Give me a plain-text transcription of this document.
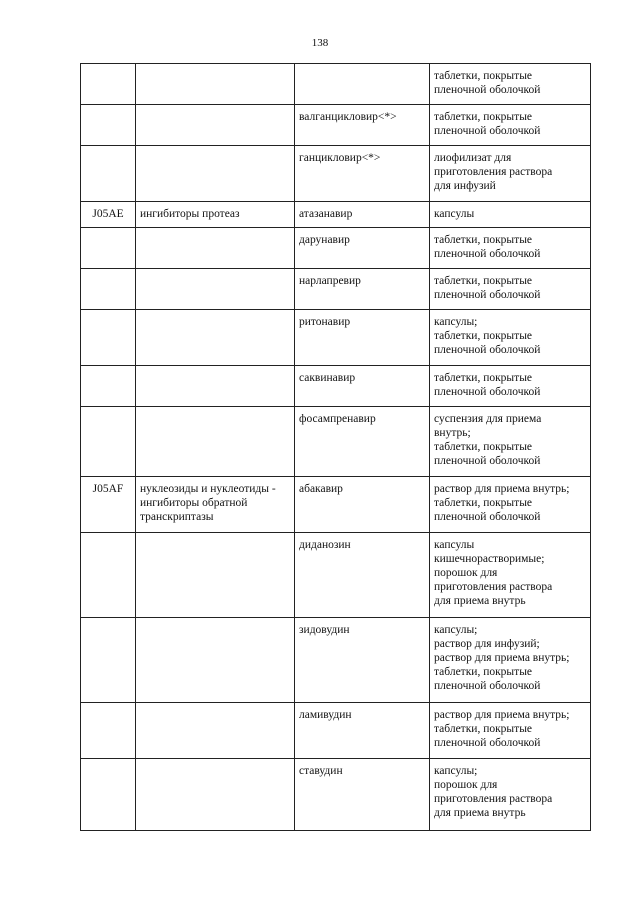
138
			таблетки, покрытые
пленочной оболочкой
		валганцикловир<*>	таблетки, покрытые
пленочной оболочкой
		ганцикловир<*>	лиофилизат для
приготовления раствора
для инфузий
J05AE	ингибиторы протеаз	атазанавир	капсулы
		дарунавир	таблетки, покрытые
пленочной оболочкой
		нарлапревир	таблетки, покрытые
пленочной оболочкой
		ритонавир	капсулы;
таблетки, покрытые
пленочной оболочкой
		саквинавир	таблетки, покрытые
пленочной оболочкой
		фосампренавир	суспензия для приема
внутрь;
таблетки, покрытые
пленочной оболочкой
J05AF	нуклеозиды и нуклеотиды -
ингибиторы обратной
транскриптазы	абакавир	раствор для приема внутрь;
таблетки, покрытые
пленочной оболочкой
		диданозин	капсулы
кишечнорастворимые;
порошок для
приготовления раствора
для приема внутрь
		зидовудин	капсулы;
раствор для инфузий;
раствор для приема внутрь;
таблетки, покрытые
пленочной оболочкой
		ламивудин	раствор для приема внутрь;
таблетки, покрытые
пленочной оболочкой
		ставудин	капсулы;
порошок для
приготовления раствора
для приема внутрь
